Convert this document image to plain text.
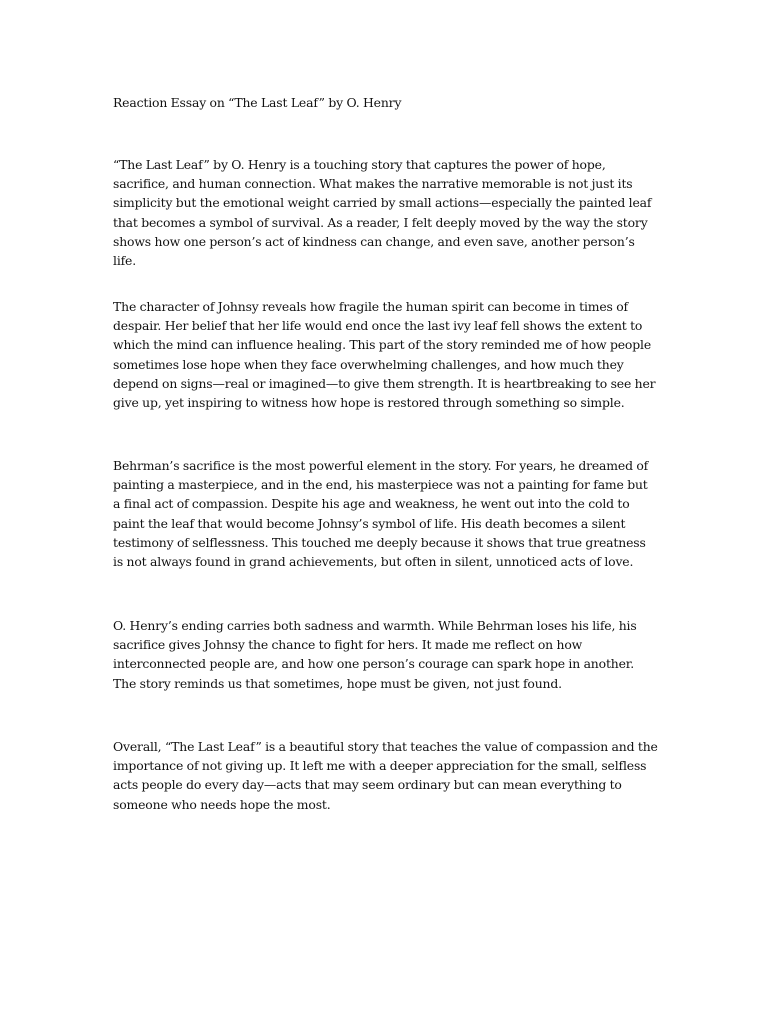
Reaction Essay on “The Last Leaf” by O. Henry

“The Last Leaf” by O. Henry is a touching story that captures the power of hope, sacrifice, and human connection. What makes the narrative memorable is not just its simplicity but the emotional weight carried by small actions—especially the painted leaf that becomes a symbol of survival. As a reader, I felt deeply moved by the way the story shows how one person’s act of kindness can change, and even save, another person’s life.

The character of Johnsy reveals how fragile the human spirit can become in times of despair. Her belief that her life would end once the last ivy leaf fell shows the extent to which the mind can influence healing. This part of the story reminded me of how people sometimes lose hope when they face overwhelming challenges, and how much they depend on signs—real or imagined—to give them strength. It is heartbreaking to see her give up, yet inspiring to witness how hope is restored through something so simple.

Behrman’s sacrifice is the most powerful element in the story. For years, he dreamed of painting a masterpiece, and in the end, his masterpiece was not a painting for fame but a final act of compassion. Despite his age and weakness, he went out into the cold to paint the leaf that would become Johnsy’s symbol of life. His death becomes a silent testimony of selflessness. This touched me deeply because it shows that true greatness is not always found in grand achievements, but often in silent, unnoticed acts of love.

O. Henry’s ending carries both sadness and warmth. While Behrman loses his life, his sacrifice gives Johnsy the chance to fight for hers. It made me reflect on how interconnected people are, and how one person’s courage can spark hope in another. The story reminds us that sometimes, hope must be given, not just found.

Overall, “The Last Leaf” is a beautiful story that teaches the value of compassion and the importance of not giving up. It left me with a deeper appreciation for the small, selfless acts people do every day—acts that may seem ordinary but can mean everything to someone who needs hope the most.
